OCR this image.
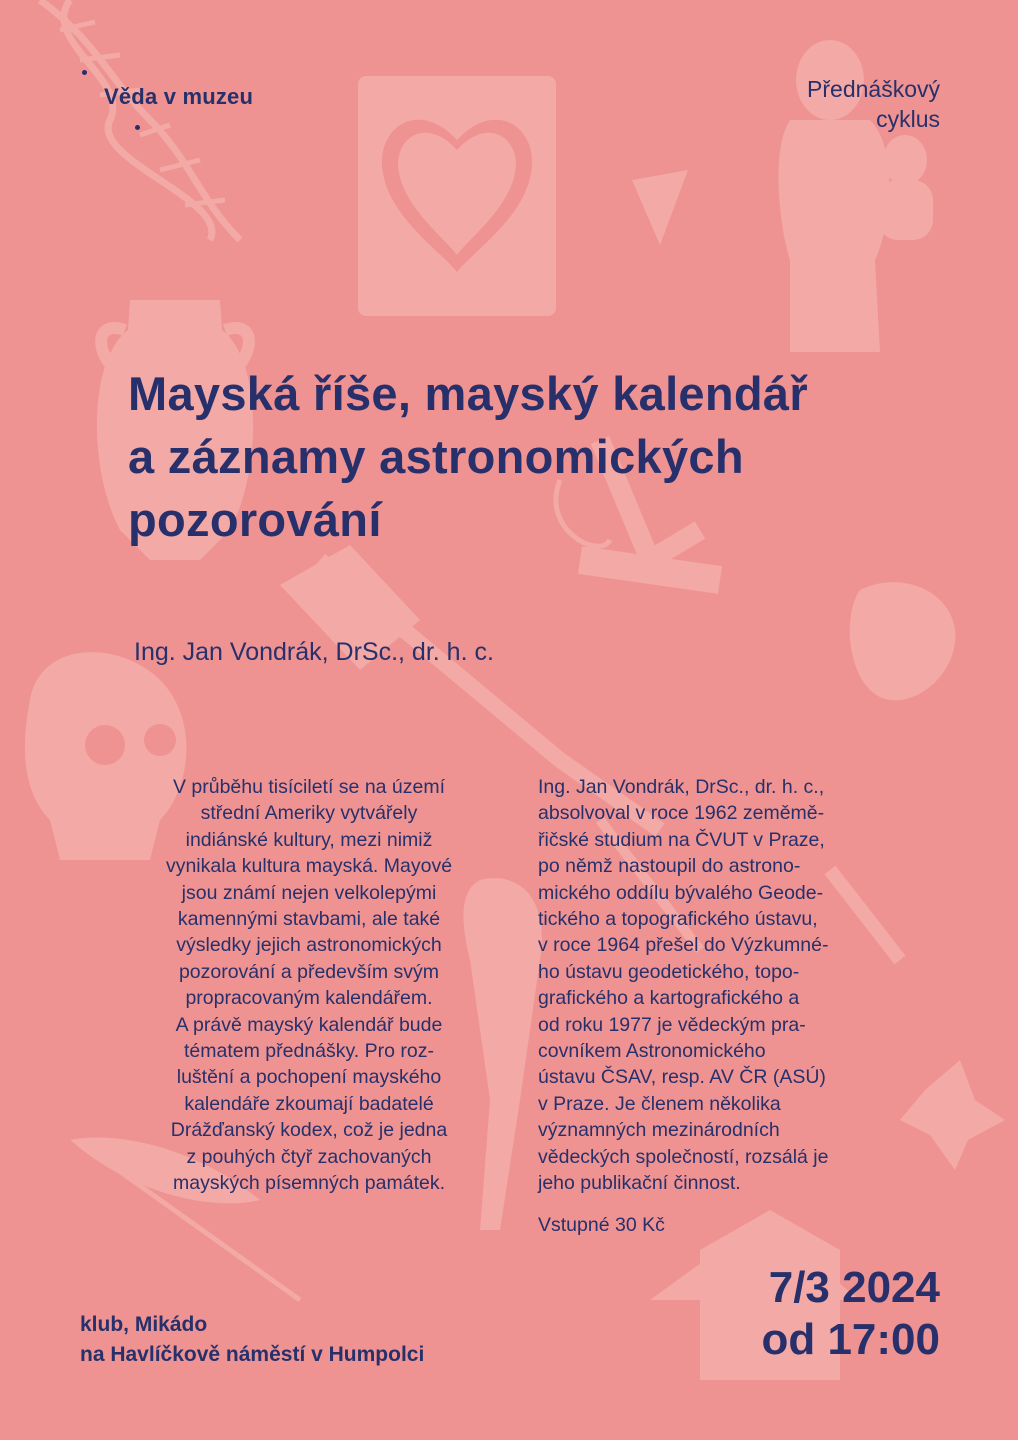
Věda v muzeu	Přednáškový
cyklus
Mayská říše, mayský kalendář
a záznamy astronomických
pozorování
Ing. Jan Vondrák, DrSc., dr. h. c.
V průběhu tisíciletí se na území
střední Ameriky vytvářely
indiánské kultury, mezi nimiž
vynikala kultura mayská. Mayové
jsou známí nejen velkolepými
kamennými stavbami, ale také
výsledky jejich astronomických
pozorování a především svým
propracovaným kalendářem.
A právě mayský kalendář bude
tématem přednášky. Pro roz-
luštění a pochopení mayského
kalendáře zkoumají badatelé
Drážďanský kodex, což je jedna
z pouhých čtyř zachovaných
mayských písemných památek.
Ing. Jan Vondrák, DrSc., dr. h. c.,
absolvoval v roce 1962 zeměmě-
řičské studium na ČVUT v Praze,
po němž nastoupil do astrono-
mického oddílu bývalého Geode-
tického a topografického ústavu,
v roce 1964 přešel do Výzkumné-
ho ústavu geodetického, topo-
grafického a kartografického a
od roku 1977 je vědeckým pra-
covníkem Astronomického
ústavu ČSAV, resp. AV ČR (ASÚ)
v Praze. Je členem několika
významných mezinárodních
vědeckých společností, rozsálá je
jeho publikační činnost.
Vstupné 30 Kč
klub, Mikádo
na Havlíčkově náměstí v Humpolci
7/3 2024
od 17:00
